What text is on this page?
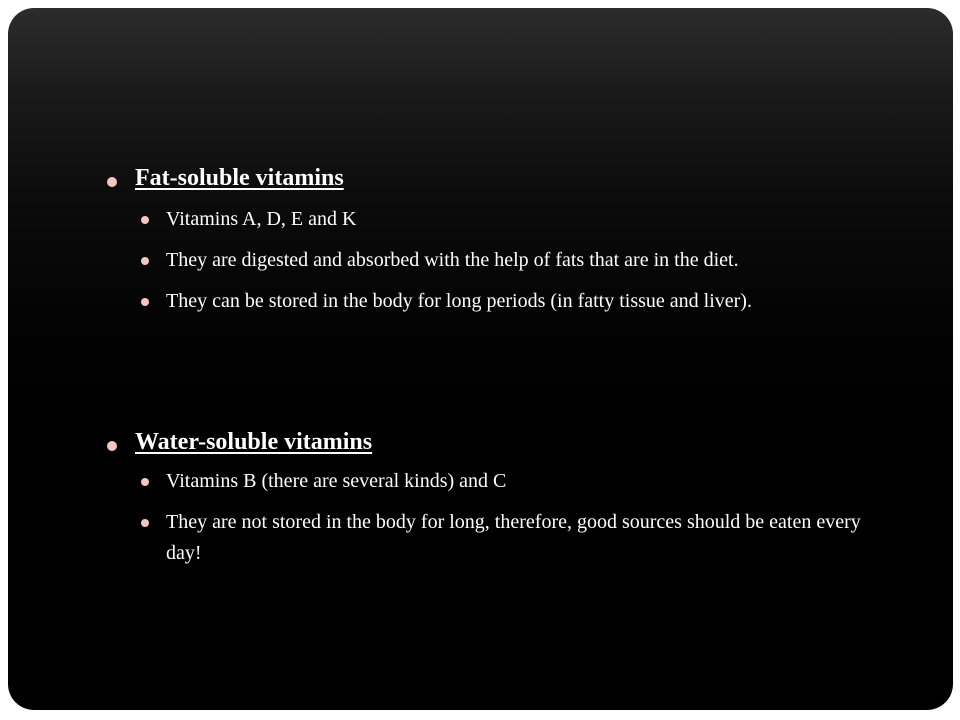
Fat-soluble vitamins
Vitamins A, D, E and K
They are digested and absorbed with the help of fats that are in the diet.
They can be stored in the body for long periods (in fatty tissue and liver).
Water-soluble vitamins
Vitamins B (there are several kinds) and C
They are not stored in the body for long, therefore, good sources should be eaten every day!
